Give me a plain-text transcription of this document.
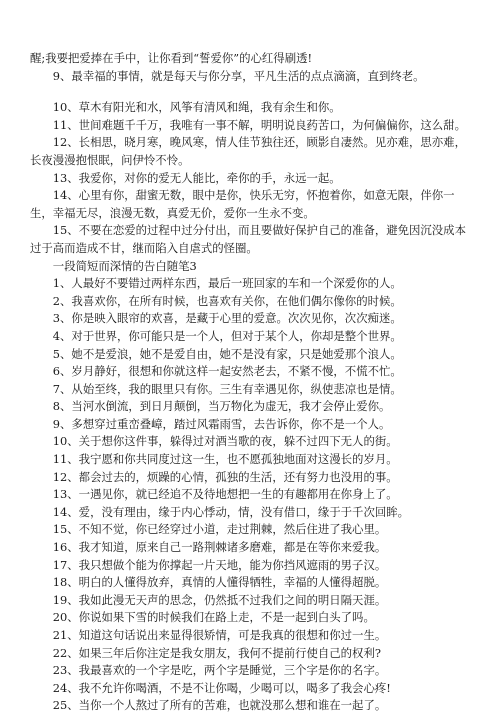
醒;我要把爱捧在手中，让你看到“誓爱你”的心红得刷透!

9、最幸福的事情，就是每天与你分享，平凡生活的点点滴滴，直到终老。

10、草木有阳光和水，风筝有清风和绳，我有余生和你。

11、世间难题千千万，我唯有一事不解，明明说良药苦口，为何偏偏你，这么甜。

12、长相思，晓月寒，晚风寒，情人佳节独往还，顾影自凄然。见亦难，思亦难，长夜漫漫抱恨眠，问伊怜不怜。

13、我爱你，对你的爱无人能比，牵你的手，永远一起。

14、心里有你，甜蜜无数，眼中是你，快乐无穷，怀抱着你，如意无限，伴你一生，幸福无尽，浪漫无数，真爱无价，爱你一生永不变。

15、不要在恋爱的过程中过分付出，而且要做好保护自己的准备，避免因沉没成本过于高而造成不甘，继而陷入自虐式的怪圈。

一段简短而深情的告白随笔3

1、人最好不要错过两样东西，最后一班回家的车和一个深爱你的人。

2、我喜欢你，在所有时候，也喜欢有关你，在他们偶尔像你的时候。

3、你是映入眼帘的欢喜，是藏于心里的爱意。次次见你，次次痴迷。

4、对于世界，你可能只是一个人，但对于某个人，你却是整个世界。

5、她不是爱浪，她不是爱自由，她不是没有家，只是她爱那个浪人。

6、岁月静好，很想和你就这样一起安然老去，不紧不慢，不慌不忙。

7、从始至终，我的眼里只有你。三生有幸遇见你，纵使悲凉也是情。

8、当河水倒流，到日月颠倒，当万物化为虚无，我才会停止爱你。

9、多想穿过重峦叠嶂，踏过风霜雨雪，去告诉你，你不是一个人。

10、关于想你这件事，躲得过对酒当歌的夜，躲不过四下无人的街。

11、我宁愿和你共同度过这一生，也不愿孤独地面对这漫长的岁月。

12、都会过去的，烦躁的心情，孤独的生活，还有努力也没用的事。

13、一遇见你，就已经追不及待地想把一生的有趣都用在你身上了。

14、爱，没有理由，缘于内心悸动，情，没有借口，缘于于千次回眸。

15、不知不觉，你已经穿过小道，走过荆棘，然后住进了我心里。

16、我才知道，原来自己一路荆棘诸多磨难，都是在等你来爱我。

17、我只想做个能为你撑起一片天地，能为你挡风遮雨的男子汉。

18、明白的人懂得放弃，真情的人懂得牺牲，幸福的人懂得超脱。

19、我如此漫无天声的思念，仍然抵不过我们之间的明日隔天涯。

20、你说如果下雪的时候我们在路上走，不是一起到白头了吗。

21、知道这句话说出来显得很矫情，可是我真的很想和你过一生。

22、如果三年后你注定是我女朋友，我何不提前行使自己的权利?

23、我最喜欢的一个字是吃，两个字是睡觉，三个字是你的名字。

24、我不允许你喝酒，不是不让你喝，少喝可以，喝多了我会心疼!

25、当你一个人熬过了所有的苦难，也就没那么想和谁在一起了。
